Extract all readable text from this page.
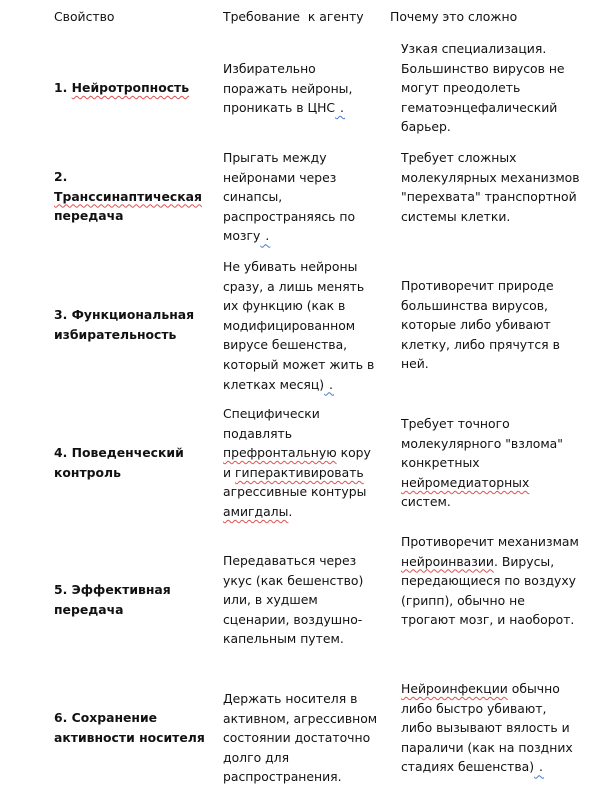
Свойство	Требование  к агенту Почему это сложно
1. Нейротропность
Избирательно поражать нейроны, проникать в ЦНС .
Узкая специализация. Большинство вирусов не могут преодолеть гематоэнцефалический барьер.
2.
Транссинаптическая
передача
Прыгать между нейронами через синапсы, распространяясь по мозгу .
Требует сложных молекулярных механизмов "перехвата" транспортной системы клетки.
3. Функциональная избирательность
Не убивать нейроны сразу, а лишь менять их функцию (как в модифицированном вирусе бешенства, который может жить в клетках месяц) .
Противоречит природе большинства вирусов, которые либо убивают клетку, либо прячутся в ней.
4. Поведенческий контроль
Специфически подавлять префронтальную кору и гиперактивировать агрессивные контуры амигдалы.
Требует точного молекулярного "взлома" конкретных нейромедиаторных систем.
5. Эффективная передача
Передаваться через укус (как бешенство) или, в худшем сценарии, воздушно-капельным путем.
Противоречит механизмам нейроинвазии. Вирусы, передающиеся по воздуху (грипп), обычно не трогают мозг, и наоборот.
6. Сохранение активности носителя
Держать носителя в активном, агрессивном состоянии достаточно долго для распространения.
Нейроинфекции обычно либо быстро убивают, либо вызывают вялость и параличи (как на поздних стадиях бешенства) .
